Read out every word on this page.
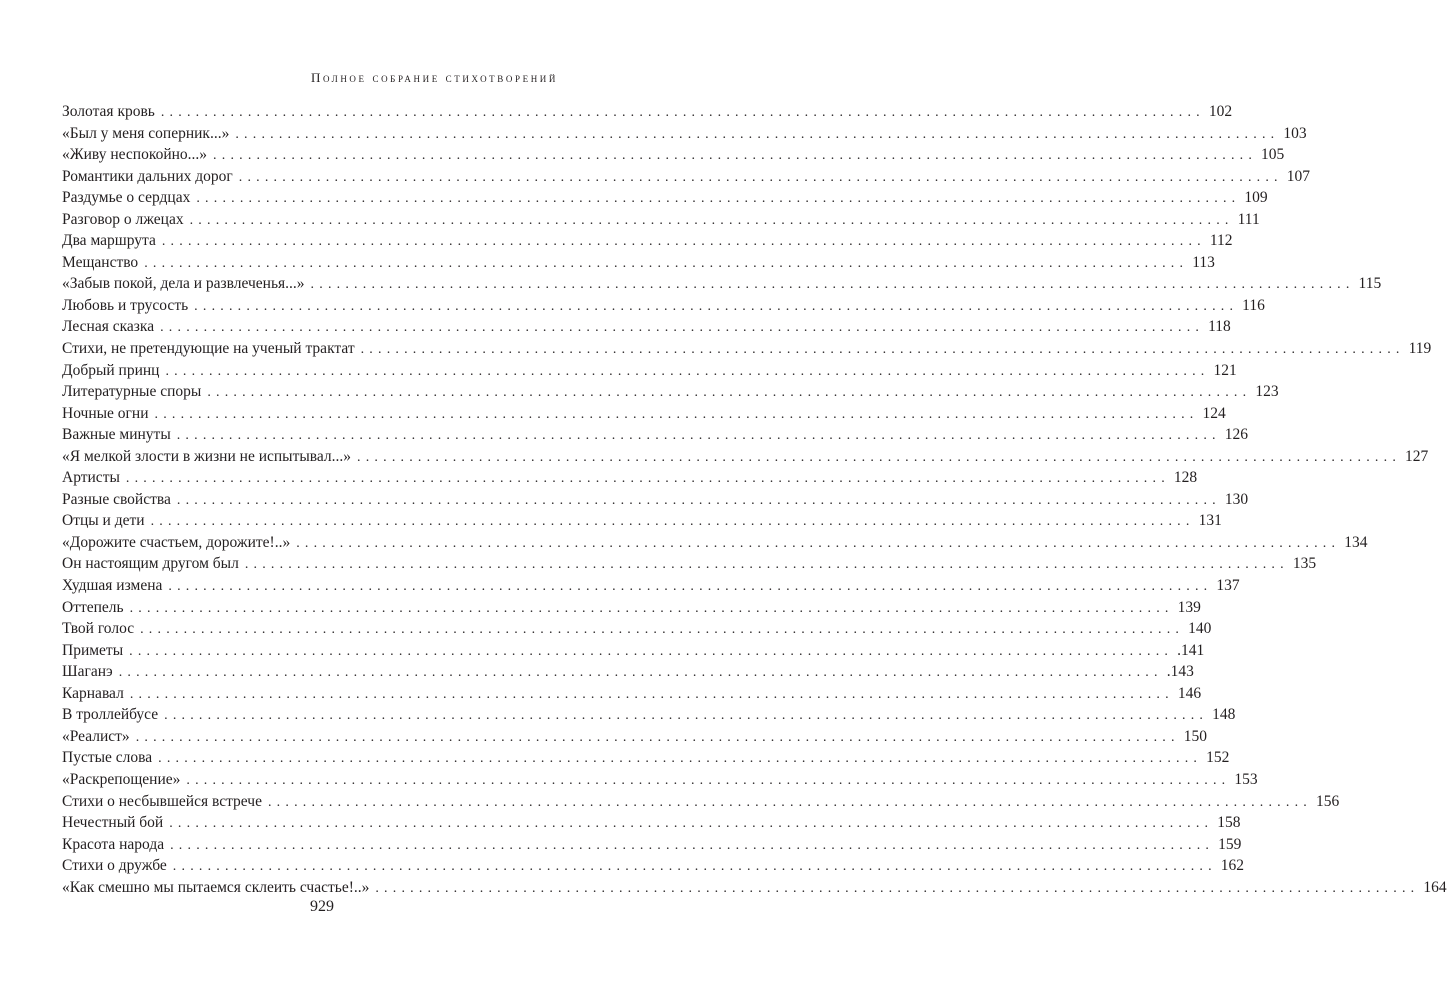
Полное собрание стихотворений
Золотая кровь ........................................................................................................................ 102
«Был у меня соперник...» ........................................................................................................................ 103
«Живу неспокойно...» ........................................................................................................................ 105
Романтики дальних дорог ........................................................................................................................ 107
Раздумье о сердцах ........................................................................................................................ 109
Разговор о лжецах ........................................................................................................................ 111
Два маршрута ........................................................................................................................ 112
Мещанство ........................................................................................................................ 113
«Забыв покой, дела и развлеченья...» ........................................................................................................................ 115
Любовь и трусость ........................................................................................................................ 116
Лесная сказка ........................................................................................................................ 118
Стихи, не претендующие на ученый трактат ........................................................................................................................ 119
Добрый принц ........................................................................................................................ 121
Литературные споры ........................................................................................................................ 123
Ночные огни ........................................................................................................................ 124
Важные минуты ........................................................................................................................ 126
«Я мелкой злости в жизни не испытывал...» ........................................................................................................................ 127
Артисты ........................................................................................................................ 128
Разные свойства ........................................................................................................................ 130
Отцы и дети ........................................................................................................................ 131
«Дорожите счастьем, дорожите!..» ........................................................................................................................ 134
Он настоящим другом был ........................................................................................................................ 135
Худшая измена ........................................................................................................................ 137
Оттепель ........................................................................................................................ 139
Твой голос ........................................................................................................................ 140
Приметы ........................................................................................................................ .141
Шаганэ ........................................................................................................................ .143
Карнавал ........................................................................................................................ 146
В троллейбусе ........................................................................................................................ 148
«Реалист» ........................................................................................................................ 150
Пустые слова ........................................................................................................................ 152
«Раскрепощение» ........................................................................................................................ 153
Стихи о несбывшейся встрече ........................................................................................................................ 156
Нечестный бой ........................................................................................................................ 158
Красота народа ........................................................................................................................ 159
Стихи о дружбе ........................................................................................................................ 162
«Как смешно мы пытаемся склеить счастье!..» ........................................................................................................................ 164
929
